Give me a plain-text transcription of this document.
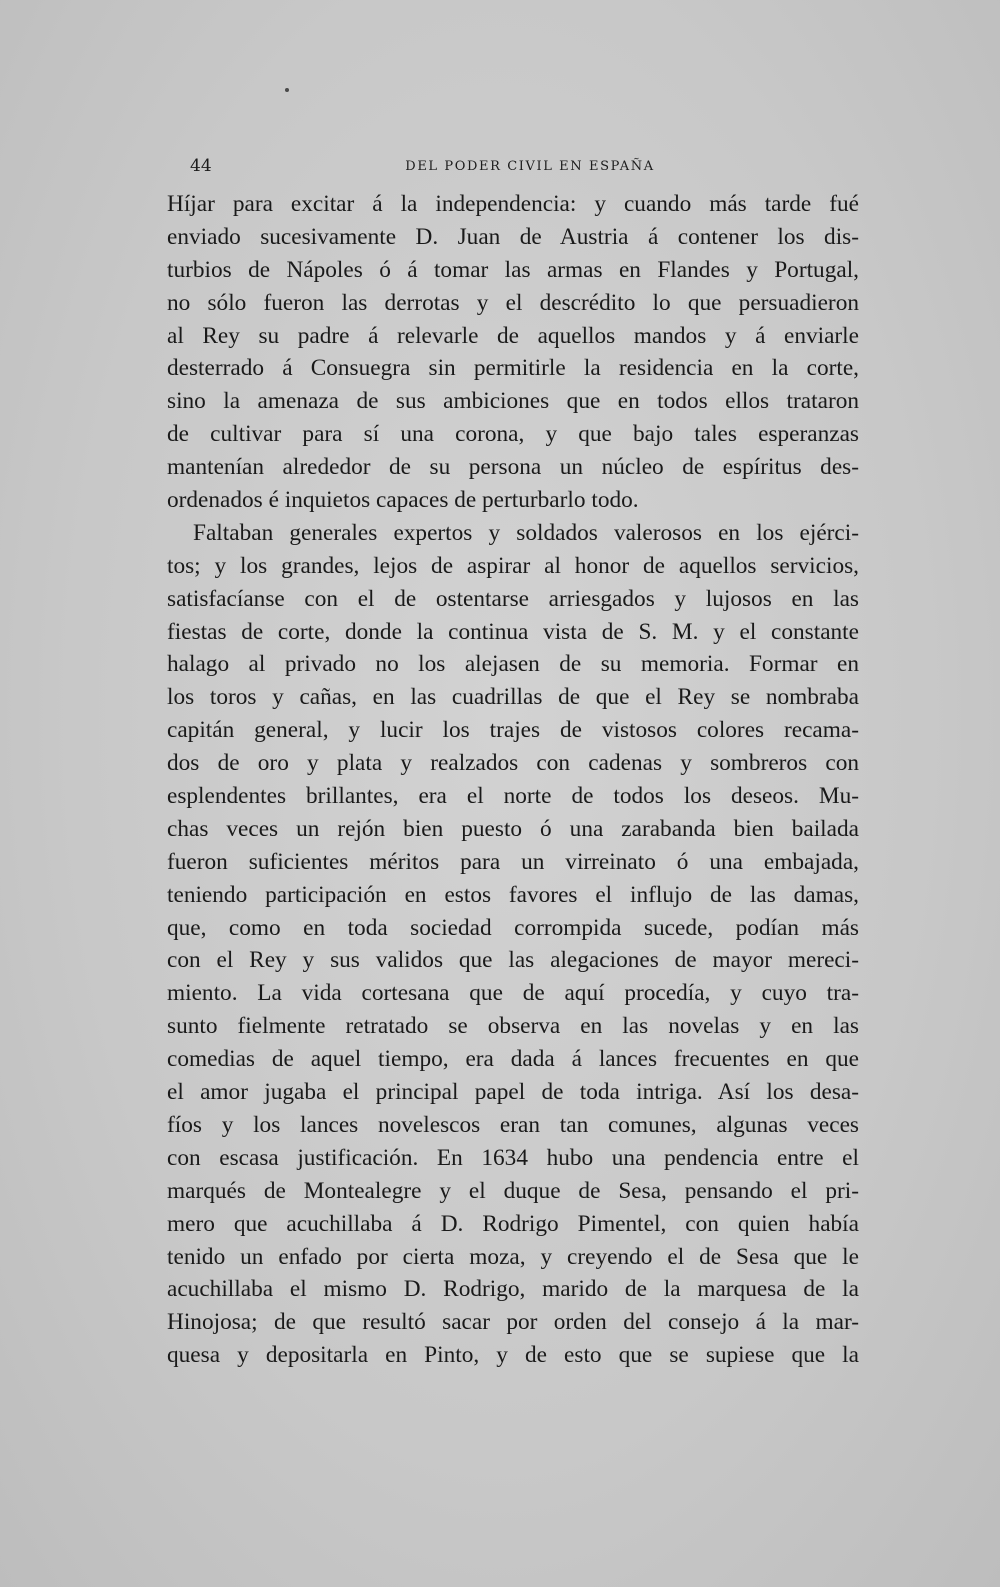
44	DEL PODER CIVIL EN ESPAÑA
Híjar para excitar á la independencia: y cuando más tarde fué
enviado sucesivamente D. Juan de Austria á contener los dis-
turbios de Nápoles ó á tomar las armas en Flandes y Portugal,
no sólo fueron las derrotas y el descrédito lo que persuadieron
al Rey su padre á relevarle de aquellos mandos y á enviarle
desterrado á Consuegra sin permitirle la residencia en la corte,
sino la amenaza de sus ambiciones que en todos ellos trataron
de cultivar para sí una corona, y que bajo tales esperanzas
mantenían alrededor de su persona un núcleo de espíritus des-
ordenados é inquietos capaces de perturbarlo todo.
Faltaban generales expertos y soldados valerosos en los ejérci-
tos; y los grandes, lejos de aspirar al honor de aquellos servicios,
satisfacíanse con el de ostentarse arriesgados y lujosos en las
fiestas de corte, donde la continua vista de S. M. y el constante
halago al privado no los alejasen de su memoria. Formar en
los toros y cañas, en las cuadrillas de que el Rey se nombraba
capitán general, y lucir los trajes de vistosos colores recama-
dos de oro y plata y realzados con cadenas y sombreros con
esplendentes brillantes, era el norte de todos los deseos. Mu-
chas veces un rejón bien puesto ó una zarabanda bien bailada
fueron suficientes méritos para un virreinato ó una embajada,
teniendo participación en estos favores el influjo de las damas,
que, como en toda sociedad corrompida sucede, podían más
con el Rey y sus validos que las alegaciones de mayor mereci-
miento. La vida cortesana que de aquí procedía, y cuyo tra-
sunto fielmente retratado se observa en las novelas y en las
comedias de aquel tiempo, era dada á lances frecuentes en que
el amor jugaba el principal papel de toda intriga. Así los desa-
fíos y los lances novelescos eran tan comunes, algunas veces
con escasa justificación. En 1634 hubo una pendencia entre el
marqués de Montealegre y el duque de Sesa, pensando el pri-
mero que acuchillaba á D. Rodrigo Pimentel, con quien había
tenido un enfado por cierta moza, y creyendo el de Sesa que le
acuchillaba el mismo D. Rodrigo, marido de la marquesa de la
Hinojosa; de que resultó sacar por orden del consejo á la mar-
quesa y depositarla en Pinto, y de esto que se supiese que la
